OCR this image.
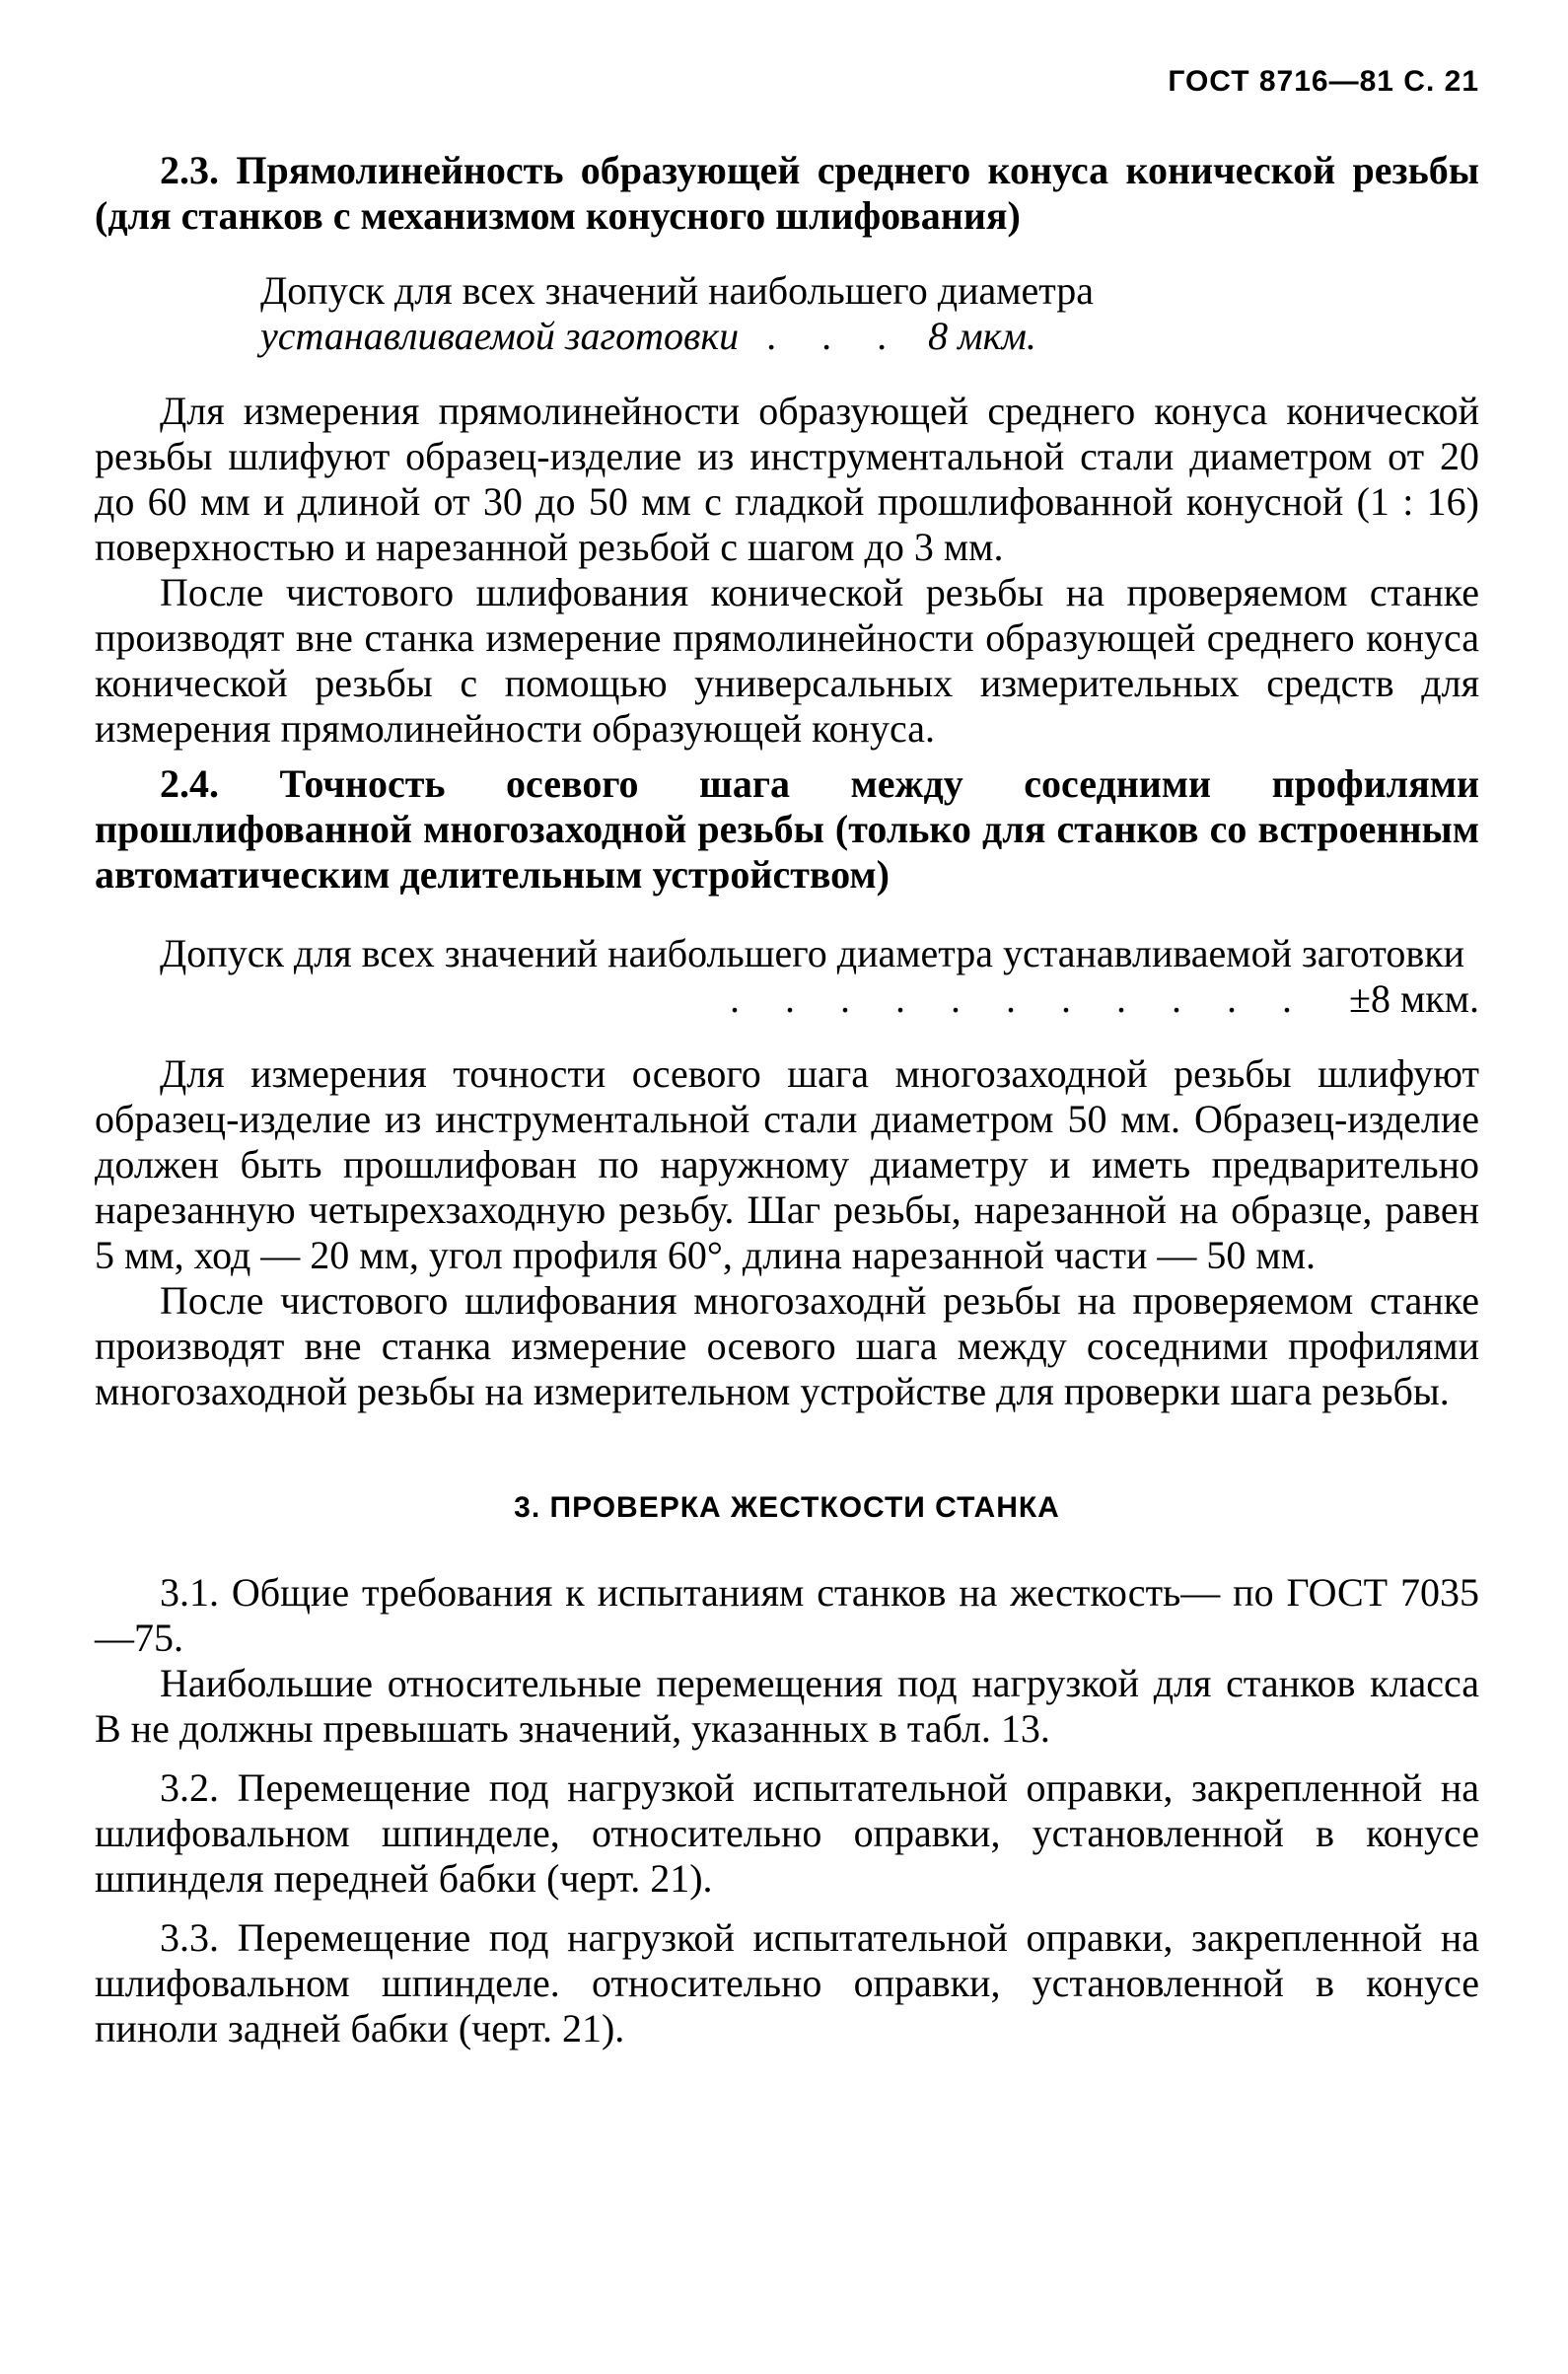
ГОСТ 8716—81 С. 21

2.3. Прямолинейность образующей среднего конуса конической резьбы (для станков с механизмом конусного шлифования)

Допуск для всех значений наибольшего диаметра
устанавливаемой заготовки . . . 8 мкм.

Для измерения прямолинейности образующей среднего конуса конической резьбы шлифуют образец-изделие из инструментальной стали диаметром от 20 до 60 мм и длиной от 30 до 50 мм с гладкой прошлифованной конусной (1 : 16) поверхностью и нарезанной резьбой с шагом до 3 мм.

После чистового шлифования конической резьбы на проверяемом станке производят вне станка измерение прямолинейности образующей среднего конуса конической резьбы с помощью универсальных измерительных средств для измерения прямолинейности образующей конуса.

2.4. Точность осевого шага между соседними профилями прошлифованной многозаходной резьбы (только для станков со встроенным автоматическим делительным устройством)

Допуск для всех значений наибольшего диаметра устанавливаемой заготовки
. . . . . . . . . . . ±8 мкм.

Для измерения точности осевого шага многозаходной резьбы шлифуют образец-изделие из инструментальной стали диаметром 50 мм. Образец-изделие должен быть прошлифован по наружному диаметру и иметь предварительно нарезанную четырехзаходную резьбу. Шаг резьбы, нарезанной на образце, равен 5 мм, ход — 20 мм, угол профиля 60°, длина нарезанной части — 50 мм.

После чистового шлифования многозаходнй резьбы на проверяемом станке производят вне станка измерение осевого шага между соседними профилями многозаходной резьбы на измерительном устройстве для проверки шага резьбы.

3. ПРОВЕРКА ЖЕСТКОСТИ СТАНКА

3.1. Общие требования к испытаниям станков на жесткость— по ГОСТ 7035—75.

Наибольшие относительные перемещения под нагрузкой для станков класса В не должны превышать значений, указанных в табл. 13.

3.2. Перемещение под нагрузкой испытательной оправки, закрепленной на шлифовальном шпинделе, относительно оправки, установленной в конусе шпинделя передней бабки (черт. 21).

3.3. Перемещение под нагрузкой испытательной оправки, закрепленной на шлифовальном шпинделе. относительно оправки, установленной в конусе пиноли задней бабки (черт. 21).
